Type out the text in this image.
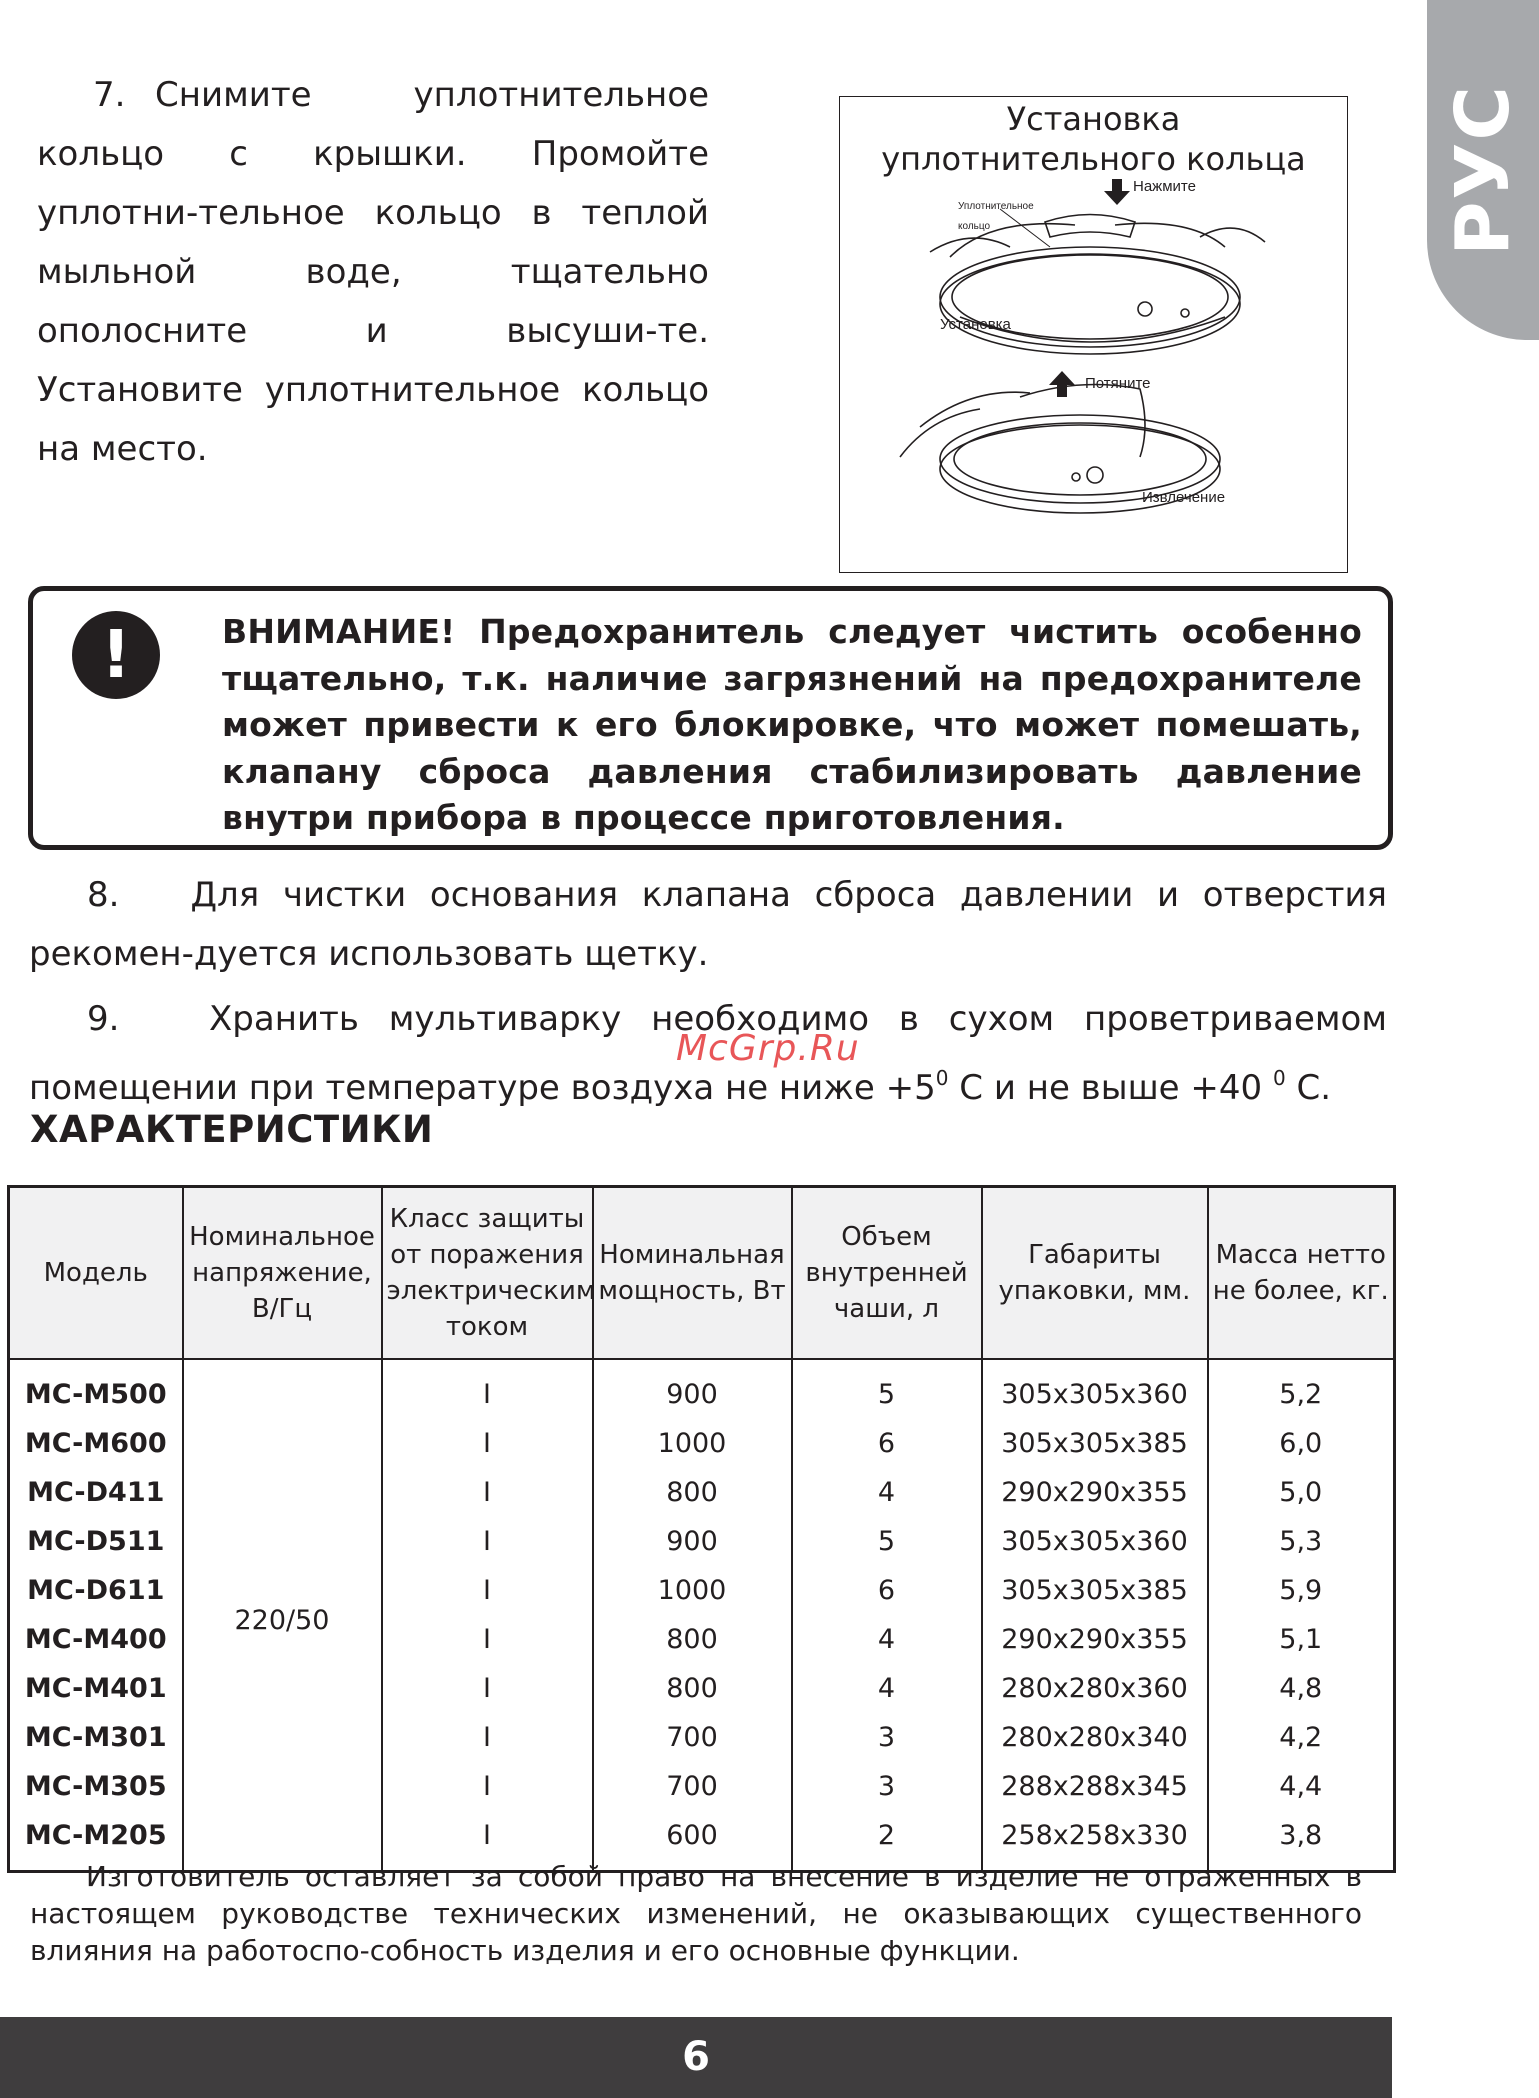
РУС
7. Снимите уплотнительное кольцо с крышки. Промойте уплотни-тельное кольцо в теплой мыльной воде, тщательно ополосните и высуши-те. Установите уплотнительное кольцо на место.
Установка
уплотнительного кольца
Нажмите
Уплотнительное
кольцо
Установка
Потяните
Извлечение
!	ВНИМАНИЕ! Предохранитель следует чистить особенно тщательно, т.к. наличие загрязнений на предохранителе может привести к его блокировке, что может помешать, клапану сброса давления стабилизировать давление внутри прибора в процессе приготовления.
8. Для чистки основания клапана сброса давлении и отверстия рекомен-дуется использовать щетку.
9.	Хранить мультиварку необходимо в сухом проветриваемом помещении при температуре воздуха не ниже $+5^0$ С и не выше +40 $^0$ С.
McGrp.Ru
ХАРАКТЕРИСТИКИ
Модель	Номинальное напряжение, В/Гц	Класс защиты от поражения электрическим током	Номинальная мощность, Вт	Объем внутренней чаши, л	Габариты упаковки, мм.	Масса нетто не более, кг.
MC-M500	220/50	I	900	5	305x305x360	5,2
MC-M600		I	1000	6	305x305x385	6,0
MC-D411		I	800	4	290x290x355	5,0
MC-D511		I	900	5	305x305x360	5,3
MC-D611		I	1000	6	305x305x385	5,9
MC-M400		I	800	4	290x290x355	5,1
MC-M401		I	800	4	280x280x360	4,8
MC-M301		I	700	3	280x280x340	4,2
MC-M305		I	700	3	288x288x345	4,4
MC-M205		I	600	2	258x258x330	3,8
Изготовитель оставляет за собой право на внесение в изделие не отраженных в настоящем руководстве технических изменений, не оказывающих существенного влияния на работоспо-собность изделия и его основные функции.
6
